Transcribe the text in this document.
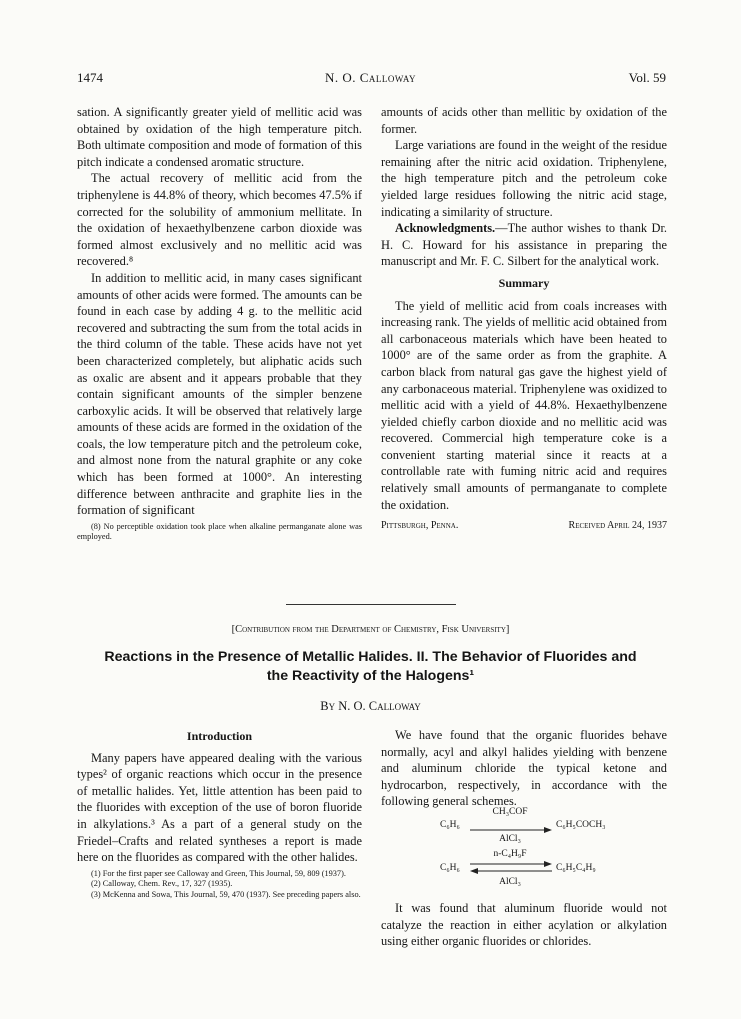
1474	N. O. Calloway	Vol. 59

sation. A significantly greater yield of mellitic acid was obtained by oxidation of the high temperature pitch. Both ultimate composition and mode of formation of this pitch indicate a condensed aromatic structure.

The actual recovery of mellitic acid from the triphenylene is 44.8% of theory, which becomes 47.5% if corrected for the solubility of ammonium mellitate. In the oxidation of hexaethylbenzene carbon dioxide was formed almost exclusively and no mellitic acid was recovered.⁸

In addition to mellitic acid, in many cases significant amounts of other acids were formed. The amounts can be found in each case by adding 4 g. to the mellitic acid recovered and subtracting the sum from the total acids in the third column of the table. These acids have not yet been characterized completely, but aliphatic acids such as oxalic are absent and it appears probable that they contain significant amounts of the simpler benzene carboxylic acids. It will be observed that relatively large amounts of these acids are formed in the oxidation of the coals, the low temperature pitch and the petroleum coke, and almost none from the natural graphite or any coke which has been formed at 1000°. An interesting difference between anthracite and graphite lies in the formation of significant

(8) No perceptible oxidation took place when alkaline permanganate alone was employed.

amounts of acids other than mellitic by oxidation of the former.

Large variations are found in the weight of the residue remaining after the nitric acid oxidation. Triphenylene, the high temperature pitch and the petroleum coke yielded large residues following the nitric acid stage, indicating a similarity of structure.

Acknowledgments.—The author wishes to thank Dr. H. C. Howard for his assistance in preparing the manuscript and Mr. F. C. Silbert for the analytical work.

Summary

The yield of mellitic acid from coals increases with increasing rank. The yields of mellitic acid obtained from all carbonaceous materials which have been heated to 1000° are of the same order as from the graphite. A carbon black from natural gas gave the highest yield of any carbonaceous material. Triphenylene was oxidized to mellitic acid with a yield of 44.8%. Hexaethylbenzene yielded chiefly carbon dioxide and no mellitic acid was recovered. Commercial high temperature coke is a convenient starting material since it reacts at a controllable rate with fuming nitric acid and requires relatively small amounts of permanganate to complete the oxidation.

Pittsburgh, Penna.	Received April 24, 1937
[Contribution from the Department of Chemistry, Fisk University]
Reactions in the Presence of Metallic Halides. II. The Behavior of Fluorides and
the Reactivity of the Halogens¹
By N. O. Calloway

Introduction

Many papers have appeared dealing with the various types² of organic reactions which occur in the presence of metallic halides. Yet, little attention has been paid to the fluorides with exception of the use of boron fluoride in alkylations.³ As a part of a general study on the Friedel–Crafts and related syntheses a report is made here on the fluorides as compared with the other halides.

(1) For the first paper see Calloway and Green, This Journal, 59, 809 (1937).

(2) Calloway, Chem. Rev., 17, 327 (1935).

(3) McKenna and Sowa, This Journal, 59, 470 (1937). See preceding papers also.

We have found that the organic fluorides behave normally, acyl and alkyl halides yielding with benzene and aluminum chloride the typical ketone and hydrocarbon, respectively, in accordance with the following general schemes.

C₆H₆
CH₃COF
AlCl₃
C₆H₅COCH₃
C₆H₆
n-C₄H₉F
AlCl₃
C₆H₅C₄H₉

It was found that aluminum fluoride would not catalyze the reaction in either acylation or alkylation using either organic fluorides or chlorides.
